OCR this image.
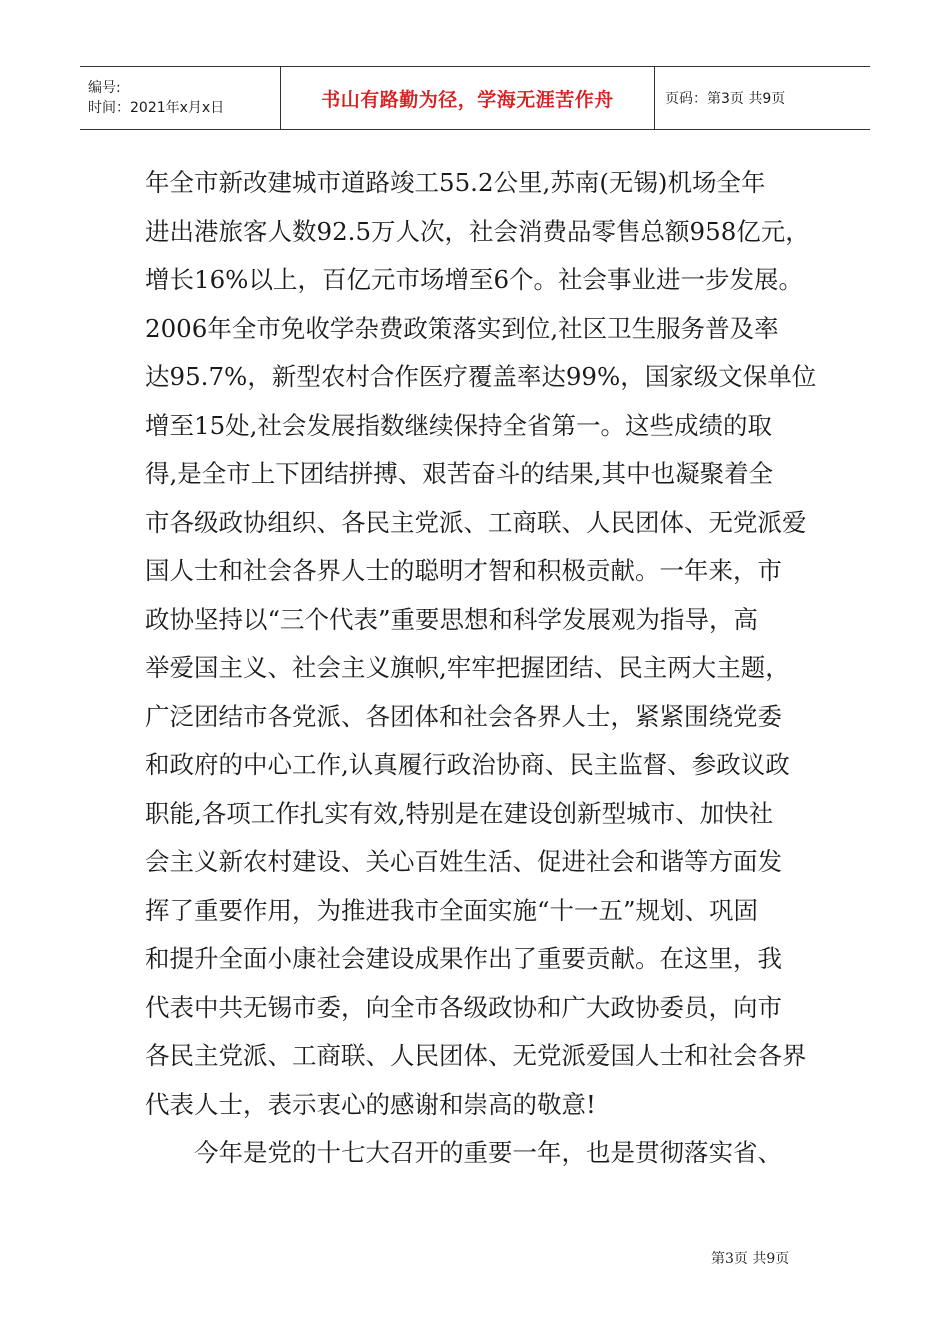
编号:
时间：2021年x月x日	书山有路勤为径，学海无涯苦作舟	页码：第3页 共9页
年全市新改建城市道路竣工55.2公里,苏南(无锡)机场全年
进出港旅客人数92.5万人次，社会消费品零售总额958亿元，
增长16%以上，百亿元市场增至6个。社会事业进一步发展。
2006年全市免收学杂费政策落实到位,社区卫生服务普及率
达95.7%，新型农村合作医疗覆盖率达99%，国家级文保单位
增至15处,社会发展指数继续保持全省第一。这些成绩的取
得,是全市上下团结拼搏、艰苦奋斗的结果,其中也凝聚着全
市各级政协组织、各民主党派、工商联、人民团体、无党派爱
国人士和社会各界人士的聪明才智和积极贡献。一年来，市
政协坚持以“三个代表”重要思想和科学发展观为指导，高
举爱国主义、社会主义旗帜,牢牢把握团结、民主两大主题，
广泛团结市各党派、各团体和社会各界人士，紧紧围绕党委
和政府的中心工作,认真履行政治协商、民主监督、参政议政
职能,各项工作扎实有效,特别是在建设创新型城市、加快社
会主义新农村建设、关心百姓生活、促进社会和谐等方面发
挥了重要作用，为推进我市全面实施“十一五”规划、巩固
和提升全面小康社会建设成果作出了重要贡献。在这里，我
代表中共无锡市委，向全市各级政协和广大政协委员，向市
各民主党派、工商联、人民团体、无党派爱国人士和社会各界
代表人士，表示衷心的感谢和崇高的敬意!
今年是党的十七大召开的重要一年，也是贯彻落实省、
第3页 共9页
